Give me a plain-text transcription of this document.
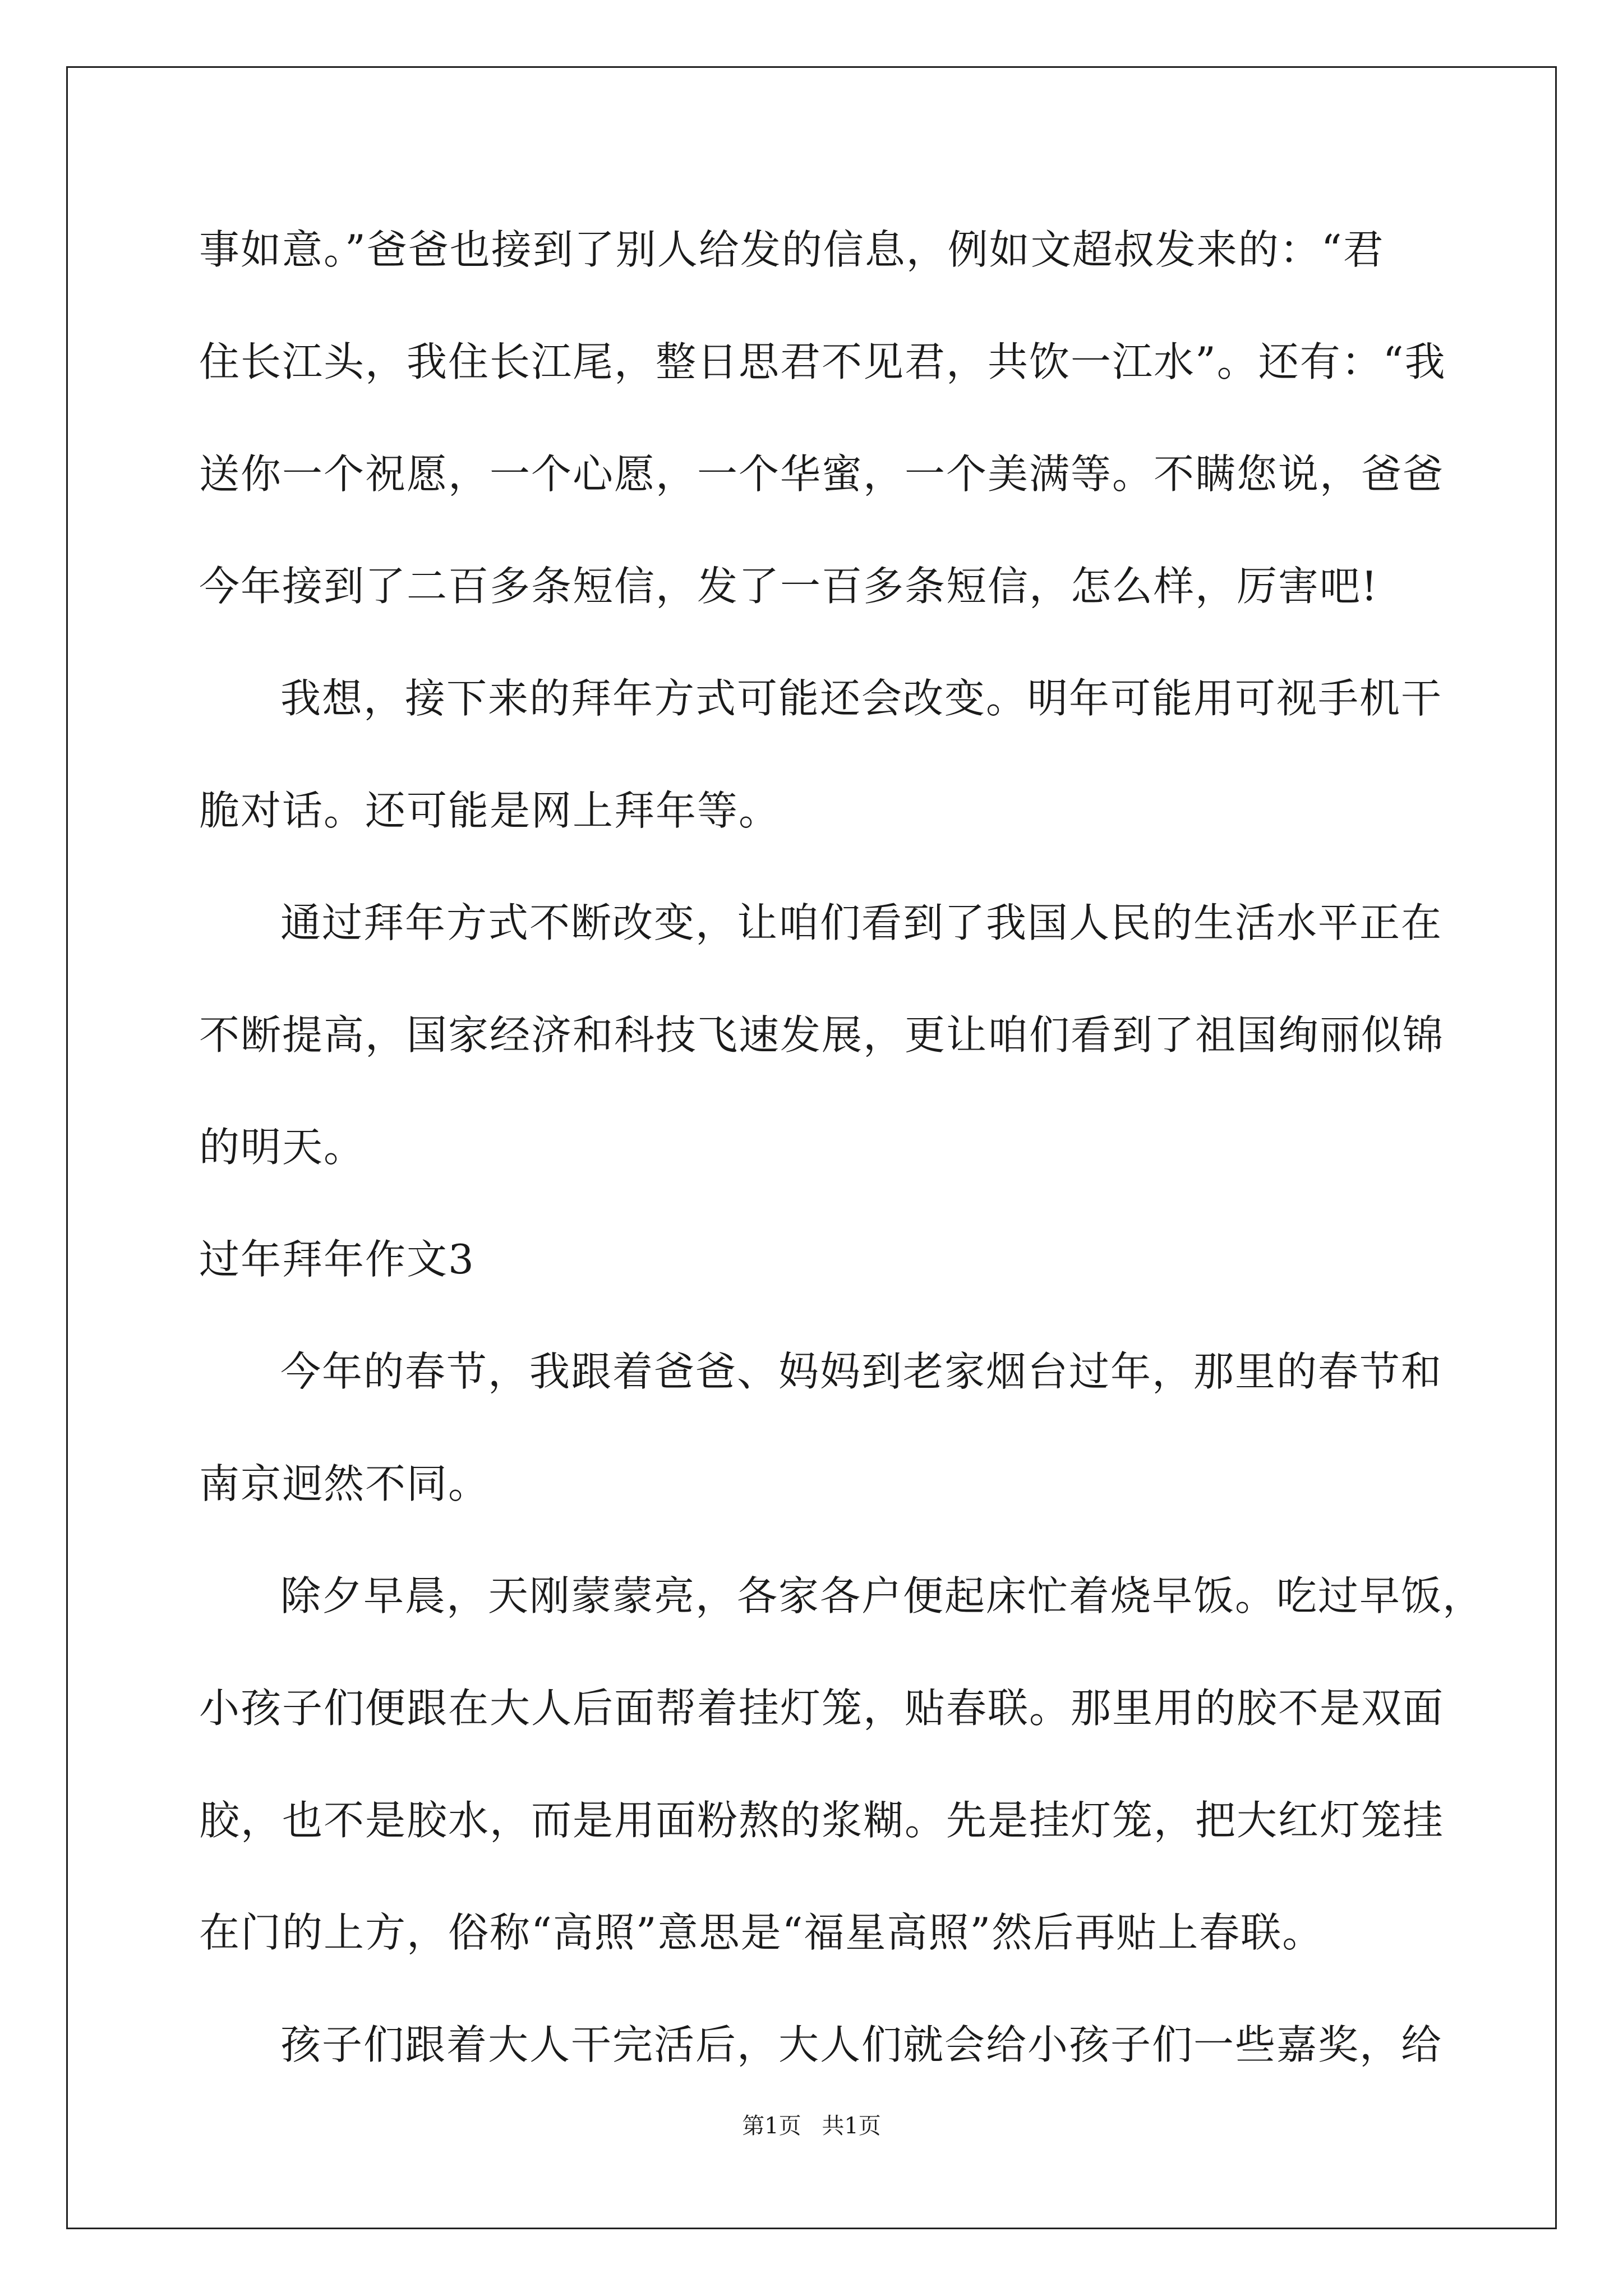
事如意。”爸爸也接到了别人给发的信息，例如文超叔发来的：“君
住长江头，我住长江尾，整日思君不见君，共饮一江水”。还有：“我
送你一个祝愿，一个心愿，一个华蜜，一个美满等。不瞒您说，爸爸
今年接到了二百多条短信，发了一百多条短信，怎么样，厉害吧!
我想，接下来的拜年方式可能还会改变。明年可能用可视手机干
脆对话。还可能是网上拜年等。
通过拜年方式不断改变，让咱们看到了我国人民的生活水平正在
不断提高，国家经济和科技飞速发展，更让咱们看到了祖国绚丽似锦
的明天。
过年拜年作文3
今年的春节，我跟着爸爸、妈妈到老家烟台过年，那里的春节和
南京迥然不同。
除夕早晨，天刚蒙蒙亮，各家各户便起床忙着烧早饭。吃过早饭，
小孩子们便跟在大人后面帮着挂灯笼，贴春联。那里用的胶不是双面
胶，也不是胶水，而是用面粉熬的浆糊。先是挂灯笼，把大红灯笼挂
在门的上方，俗称“高照”意思是“福星高照”然后再贴上春联。
孩子们跟着大人干完活后，大人们就会给小孩子们一些嘉奖，给
第1页 共1页
